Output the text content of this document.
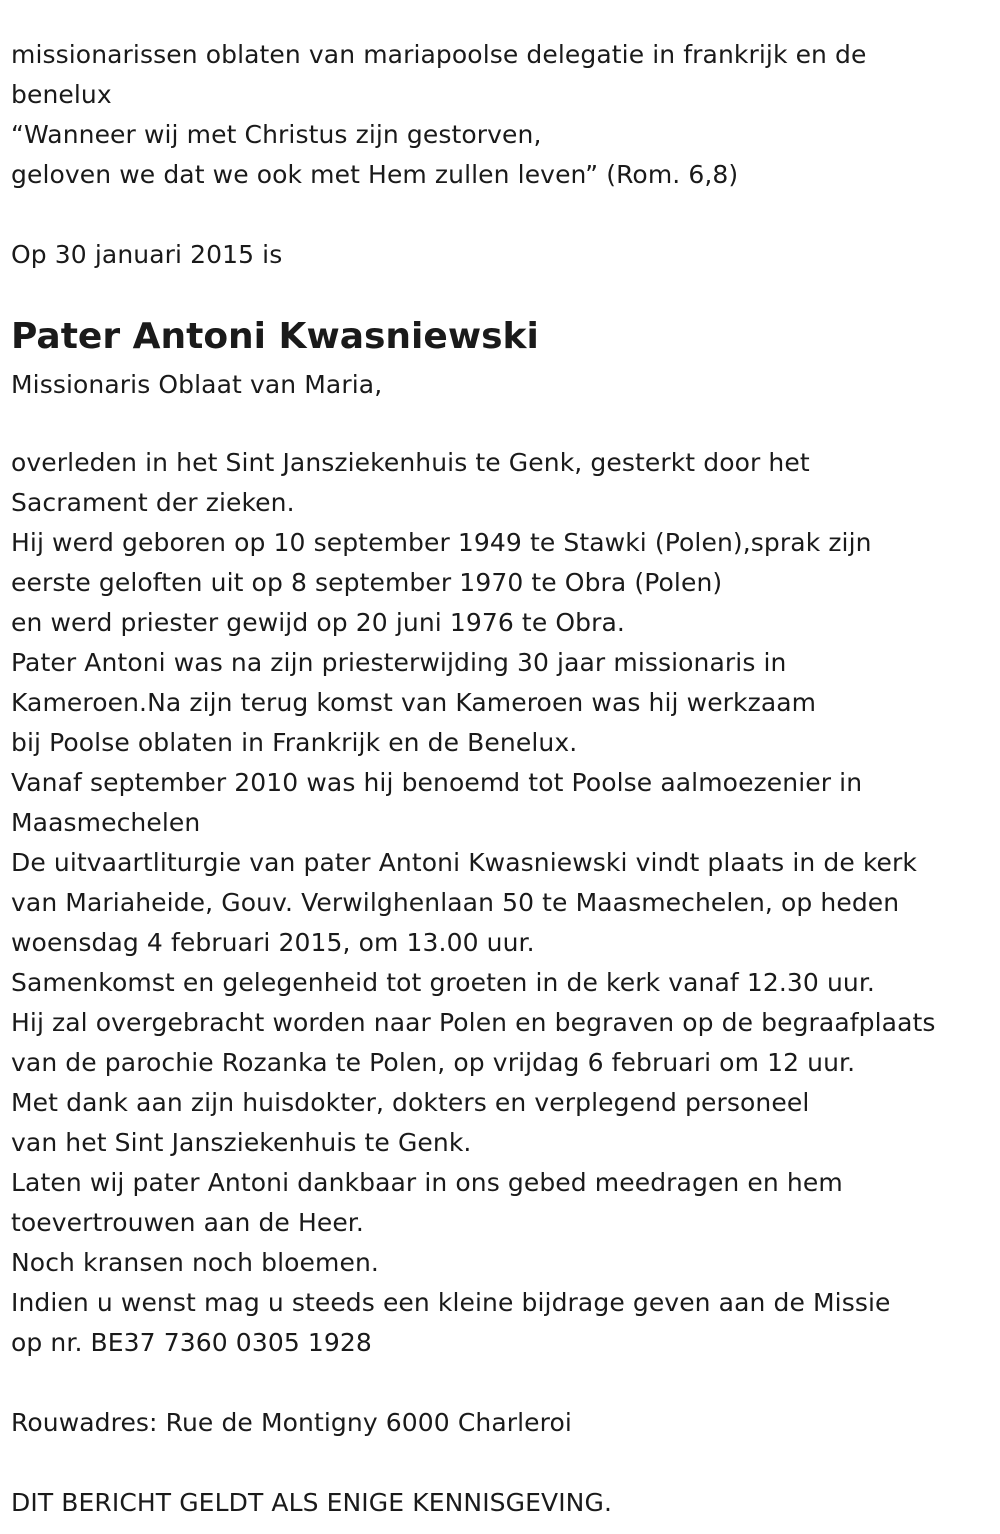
missionarissen oblaten van mariapoolse delegatie in frankrijk en de
benelux
“Wanneer wij met Christus zijn gestorven,
geloven we dat we ook met Hem zullen leven” (Rom. 6,8)
Op 30 januari 2015 is
Pater Antoni Kwasniewski
Missionaris Oblaat van Maria,
overleden in het Sint Jansziekenhuis te Genk, gesterkt door het
Sacrament der zieken.
Hij werd geboren op 10 september 1949 te Stawki (Polen),sprak zijn
eerste geloften uit op 8 september 1970 te Obra (Polen)
en werd priester gewijd op 20 juni 1976 te Obra.
Pater Antoni was na zijn priesterwijding 30 jaar missionaris in
Kameroen.Na zijn terug komst van Kameroen was hij werkzaam
bij Poolse oblaten in Frankrijk en de Benelux.
Vanaf september 2010 was hij benoemd tot Poolse aalmoezenier in
Maasmechelen
De uitvaartliturgie van pater Antoni Kwasniewski vindt plaats in de kerk
van Mariaheide, Gouv. Verwilghenlaan 50 te Maasmechelen, op heden
woensdag 4 februari 2015, om 13.00 uur.
Samenkomst en gelegenheid tot groeten in de kerk vanaf 12.30 uur.
Hij zal overgebracht worden naar Polen en begraven op de begraafplaats
van de parochie Rozanka te Polen, op vrijdag 6 februari om 12 uur.
Met dank aan zijn huisdokter, dokters en verplegend personeel
van het Sint Jansziekenhuis te Genk.
Laten wij pater Antoni dankbaar in ons gebed meedragen en hem
toevertrouwen aan de Heer.
Noch kransen noch bloemen.
Indien u wenst mag u steeds een kleine bijdrage geven aan de Missie
op nr. BE37 7360 0305 1928
Rouwadres: Rue de Montigny 6000 Charleroi
DIT BERICHT GELDT ALS ENIGE KENNISGEVING.
